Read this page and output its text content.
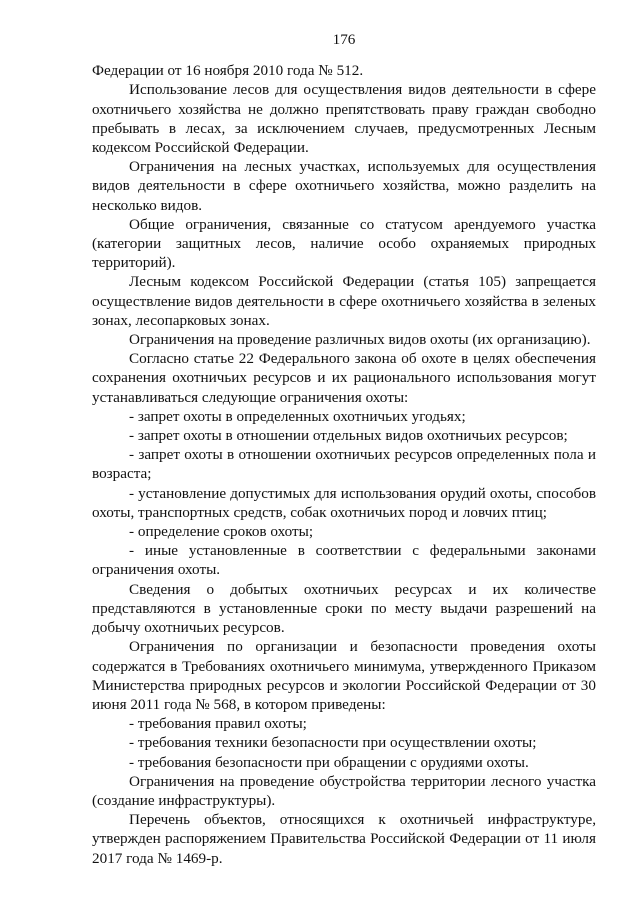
176

Федерации от 16 ноября 2010 года № 512.

Использование лесов для осуществления видов деятельности в сфере охотничьего хозяйства не должно препятствовать праву граждан свободно пребывать в лесах, за исключением случаев, предусмотренных Лесным кодексом Российской Федерации.

Ограничения на лесных участках, используемых для осуществления видов деятельности в сфере охотничьего хозяйства, можно разделить на несколько видов.

Общие ограничения, связанные со статусом арендуемого участка (категории защитных лесов, наличие особо охраняемых природных территорий).

Лесным кодексом Российской Федерации (статья 105) запрещается осуществление видов деятельности в сфере охотничьего хозяйства в зеленых зонах, лесопарковых зонах.

Ограничения на проведение различных видов охоты (их организацию).

Согласно статье 22 Федерального закона об охоте в целях обеспечения сохранения охотничьих ресурсов и их рационального использования могут устанавливаться следующие ограничения охоты:

- запрет охоты в определенных охотничьих угодьях;

- запрет охоты в отношении отдельных видов охотничьих ресурсов;

- запрет охоты в отношении охотничьих ресурсов определенных пола и возраста;

- установление допустимых для использования орудий охоты, способов охоты, транспортных средств, собак охотничьих пород и ловчих птиц;

- определение сроков охоты;

- иные установленные в соответствии с федеральными законами ограничения охоты.

Сведения о добытых охотничьих ресурсах и их количестве представляются в установленные сроки по месту выдачи разрешений на добычу охотничьих ресурсов.

Ограничения по организации и безопасности проведения охоты содержатся в Требованиях охотничьего минимума, утвержденного Приказом Министерства природных ресурсов и экологии Российской Федерации от 30 июня 2011 года № 568, в котором приведены:

- требования правил охоты;

- требования техники безопасности при осуществлении охоты;

- требования безопасности при обращении с орудиями охоты.

Ограничения на проведение обустройства территории лесного участка (создание инфраструктуры).

Перечень объектов, относящихся к охотничьей инфраструктуре, утвержден распоряжением Правительства Российской Федерации от 11 июля 2017 года № 1469-р.
